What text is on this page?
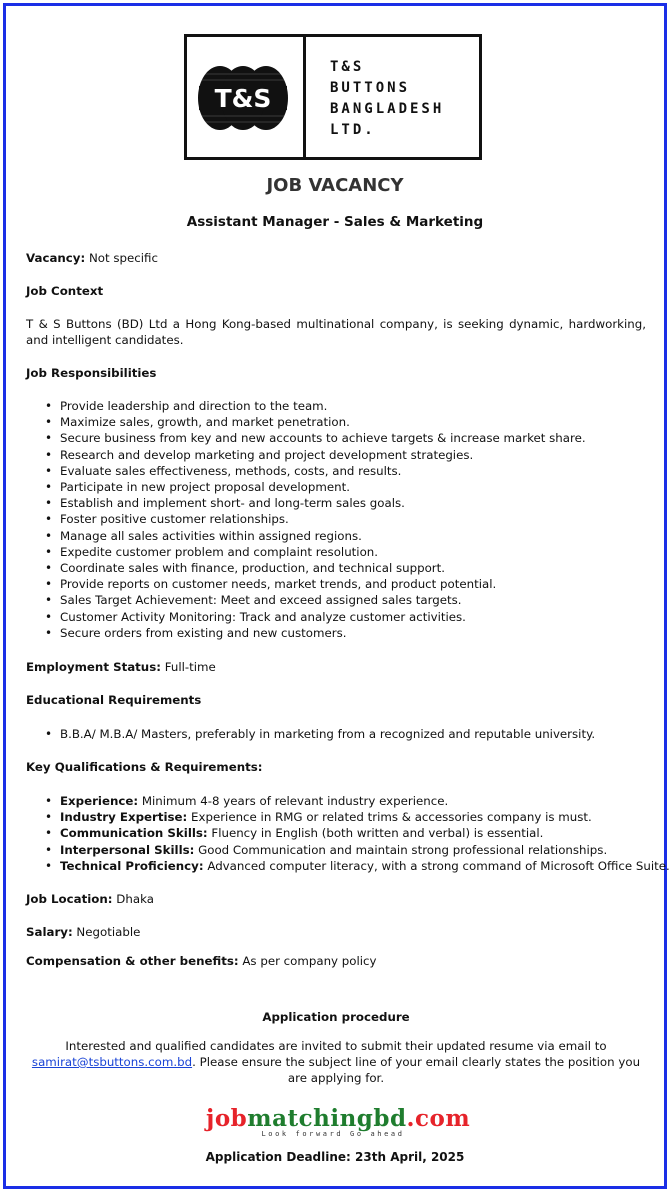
T&S
T&S
BUTTONS
BANGLADESH
LTD.
JOB VACANCY
Assistant Manager - Sales & Marketing
Vacancy: Not specific
Job Context
T & S Buttons (BD) Ltd a Hong Kong-based multinational company, is seeking dynamic, hardworking, and intelligent candidates.
Job Responsibilities
• Provide leadership and direction to the team.
• Maximize sales, growth, and market penetration.
• Secure business from key and new accounts to achieve targets & increase market share.
• Research and develop marketing and project development strategies.
• Evaluate sales effectiveness, methods, costs, and results.
• Participate in new project proposal development.
• Establish and implement short- and long-term sales goals.
• Foster positive customer relationships.
• Manage all sales activities within assigned regions.
• Expedite customer problem and complaint resolution.
• Coordinate sales with finance, production, and technical support.
• Provide reports on customer needs, market trends, and product potential.
• Sales Target Achievement: Meet and exceed assigned sales targets.
• Customer Activity Monitoring: Track and analyze customer activities.
• Secure orders from existing and new customers.
Employment Status: Full-time
Educational Requirements
• B.B.A/ M.B.A/ Masters, preferably in marketing from a recognized and reputable university.
Key Qualifications & Requirements:
• Experience: Minimum 4-8 years of relevant industry experience.
• Industry Expertise: Experience in RMG or related trims & accessories company is must.
• Communication Skills: Fluency in English (both written and verbal) is essential.
• Interpersonal Skills: Good Communication and maintain strong professional relationships.
• Technical Proficiency: Advanced computer literacy, with a strong command of Microsoft Office Suite.
Job Location: Dhaka
Salary: Negotiable
Compensation & other benefits: As per company policy
Application procedure
Interested and qualified candidates are invited to submit their updated resume via email to samirat@tsbuttons.com.bd. Please ensure the subject line of your email clearly states the position you are applying for.
jobmatchingbd.com
Look forward Go ahead
Application Deadline: 23th April, 2025
